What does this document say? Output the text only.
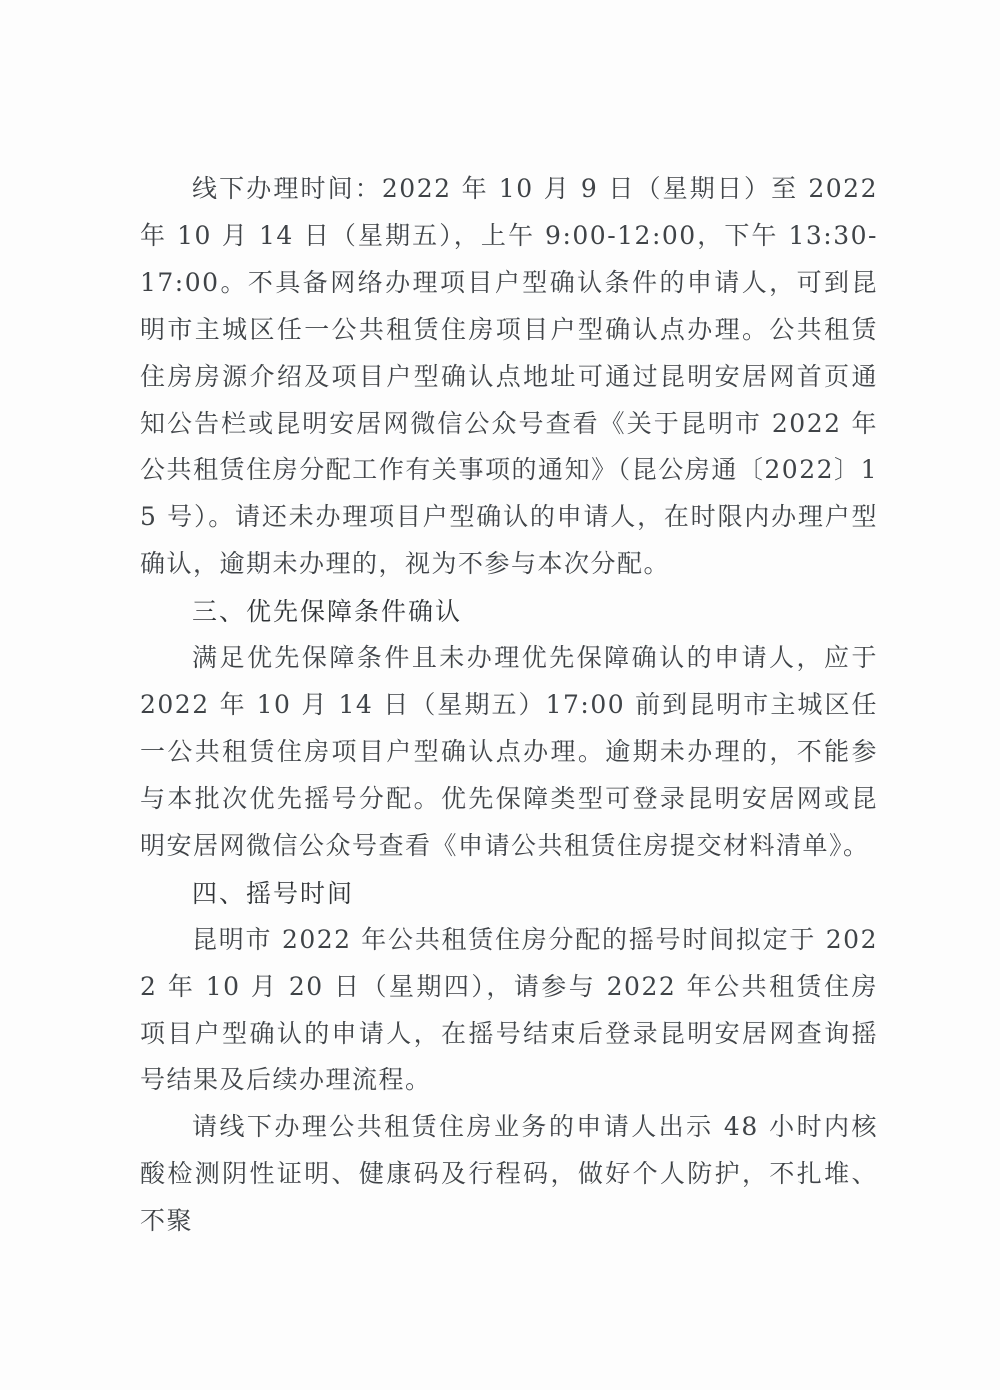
线下办理时间：2022 年 10 月 9 日（星期日）至 2022 年 10 月 14 日（星期五），上午 9:00-12:00，下午 13:30-17:00。不具备网络办理项目户型确认条件的申请人，可到昆明市主城区任一公共租赁住房项目户型确认点办理。公共租赁住房房源介绍及项目户型确认点地址可通过昆明安居网首页通知公告栏或昆明安居网微信公众号查看《关于昆明市 2022 年公共租赁住房分配工作有关事项的通知》（昆公房通〔2022〕15 号）。请还未办理项目户型确认的申请人，在时限内办理户型确认，逾期未办理的，视为不参与本次分配。

三、优先保障条件确认

满足优先保障条件且未办理优先保障确认的申请人，应于 2022 年 10 月 14 日（星期五）17:00 前到昆明市主城区任一公共租赁住房项目户型确认点办理。逾期未办理的，不能参与本批次优先摇号分配。优先保障类型可登录昆明安居网或昆明安居网微信公众号查看《申请公共租赁住房提交材料清单》。

四、摇号时间

昆明市 2022 年公共租赁住房分配的摇号时间拟定于 2022 年 10 月 20 日（星期四），请参与 2022 年公共租赁住房项目户型确认的申请人，在摇号结束后登录昆明安居网查询摇号结果及后续办理流程。

请线下办理公共租赁住房业务的申请人出示 48 小时内核酸检测阴性证明、健康码及行程码，做好个人防护，不扎堆、不聚
